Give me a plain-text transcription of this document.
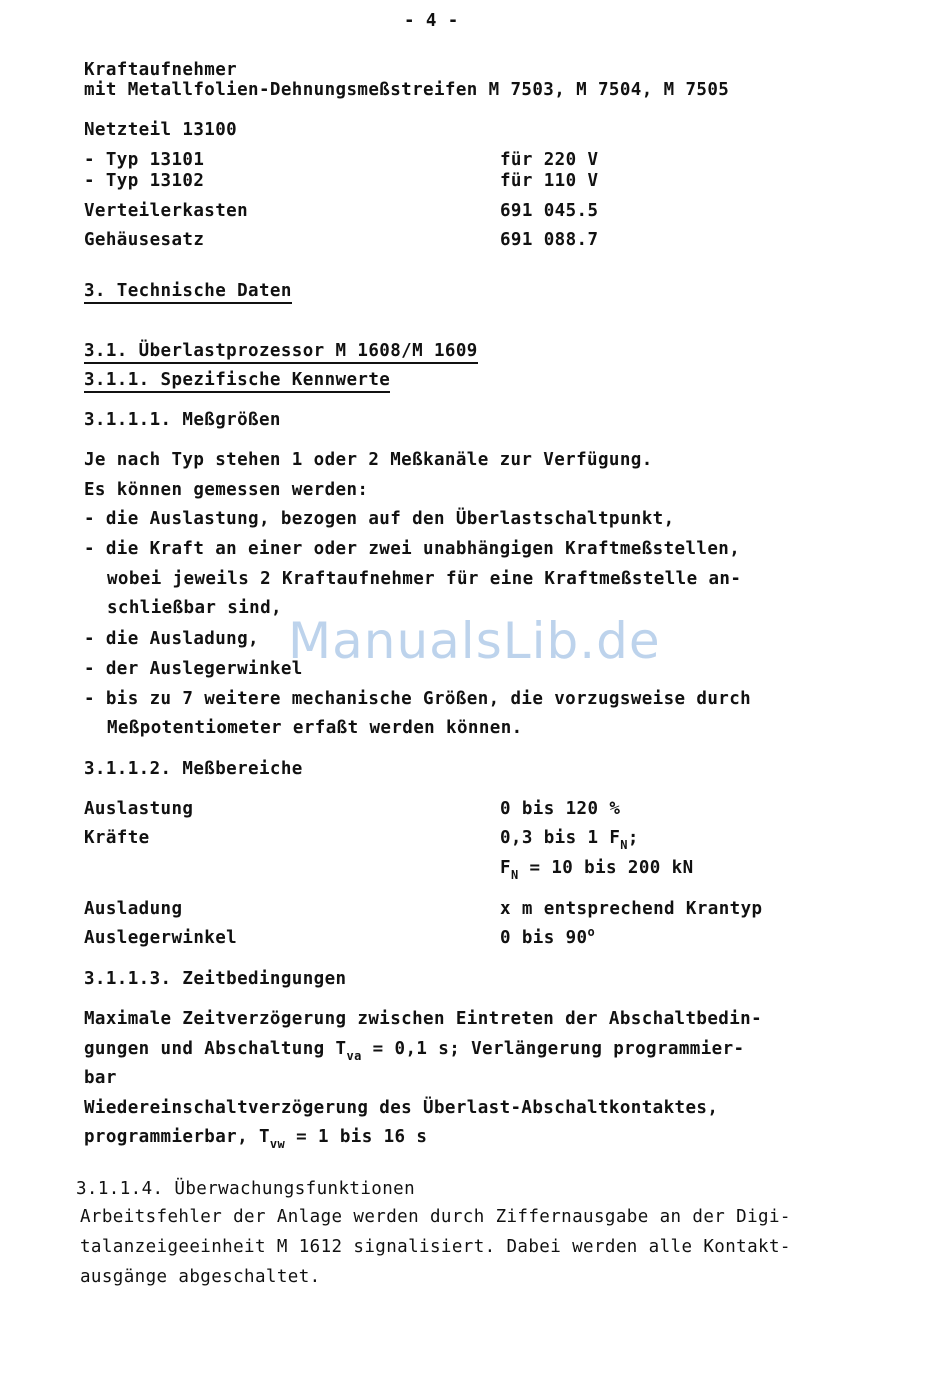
- 4 -
Kraftaufnehmer
mit Metallfolien-Dehnungsmeßstreifen M 7503, M 7504, M 7505
Netzteil 13100
- Typ 13101	für 220 V
- Typ 13102	für 110 V
Verteilerkasten	691 045.5
Gehäusesatz	691 088.7
3. Technische Daten
3.1. Überlastprozessor M 1608/M 1609
3.1.1. Spezifische Kennwerte
3.1.1.1. Meßgrößen
Je nach Typ stehen 1 oder 2 Meßkanäle zur Verfügung.
Es können gemessen werden:
- die Auslastung, bezogen auf den Überlastschaltpunkt,
- die Kraft an einer oder zwei unabhängigen Kraftmeßstellen,
wobei jeweils 2 Kraftaufnehmer für eine Kraftmeßstelle an-
schließbar sind,
- die Ausladung,
- der Auslegerwinkel
- bis zu 7 weitere mechanische Größen, die vorzugsweise durch
Meßpotentiometer erfaßt werden können.
3.1.1.2. Meßbereiche
Auslastung	0 bis 120 %
Kräfte	0,3 bis 1 $F_N$;
$F_N = 10$ bis 200 kN
Ausladung	x m entsprechend Krantyp
Auslegerwinkel	0 bis 90$^o$
3.1.1.3. Zeitbedingungen
Maximale Zeitverzögerung zwischen Eintreten der Abschaltbedin-
gungen und Abschaltung $T_{va} = 0,1$ s; Verlängerung programmier-
bar
Wiedereinschaltverzögerung des Überlast-Abschaltkontaktes,
programmierbar, $T_{vw} = 1$ bis 16 s
3.1.1.4. Überwachungsfunktionen
Arbeitsfehler der Anlage werden durch Ziffernausgabe an der Digi-
talanzeigeeinheit M 1612 signalisiert. Dabei werden alle Kontakt-
ausgänge abgeschaltet.
ManualsLib.de
